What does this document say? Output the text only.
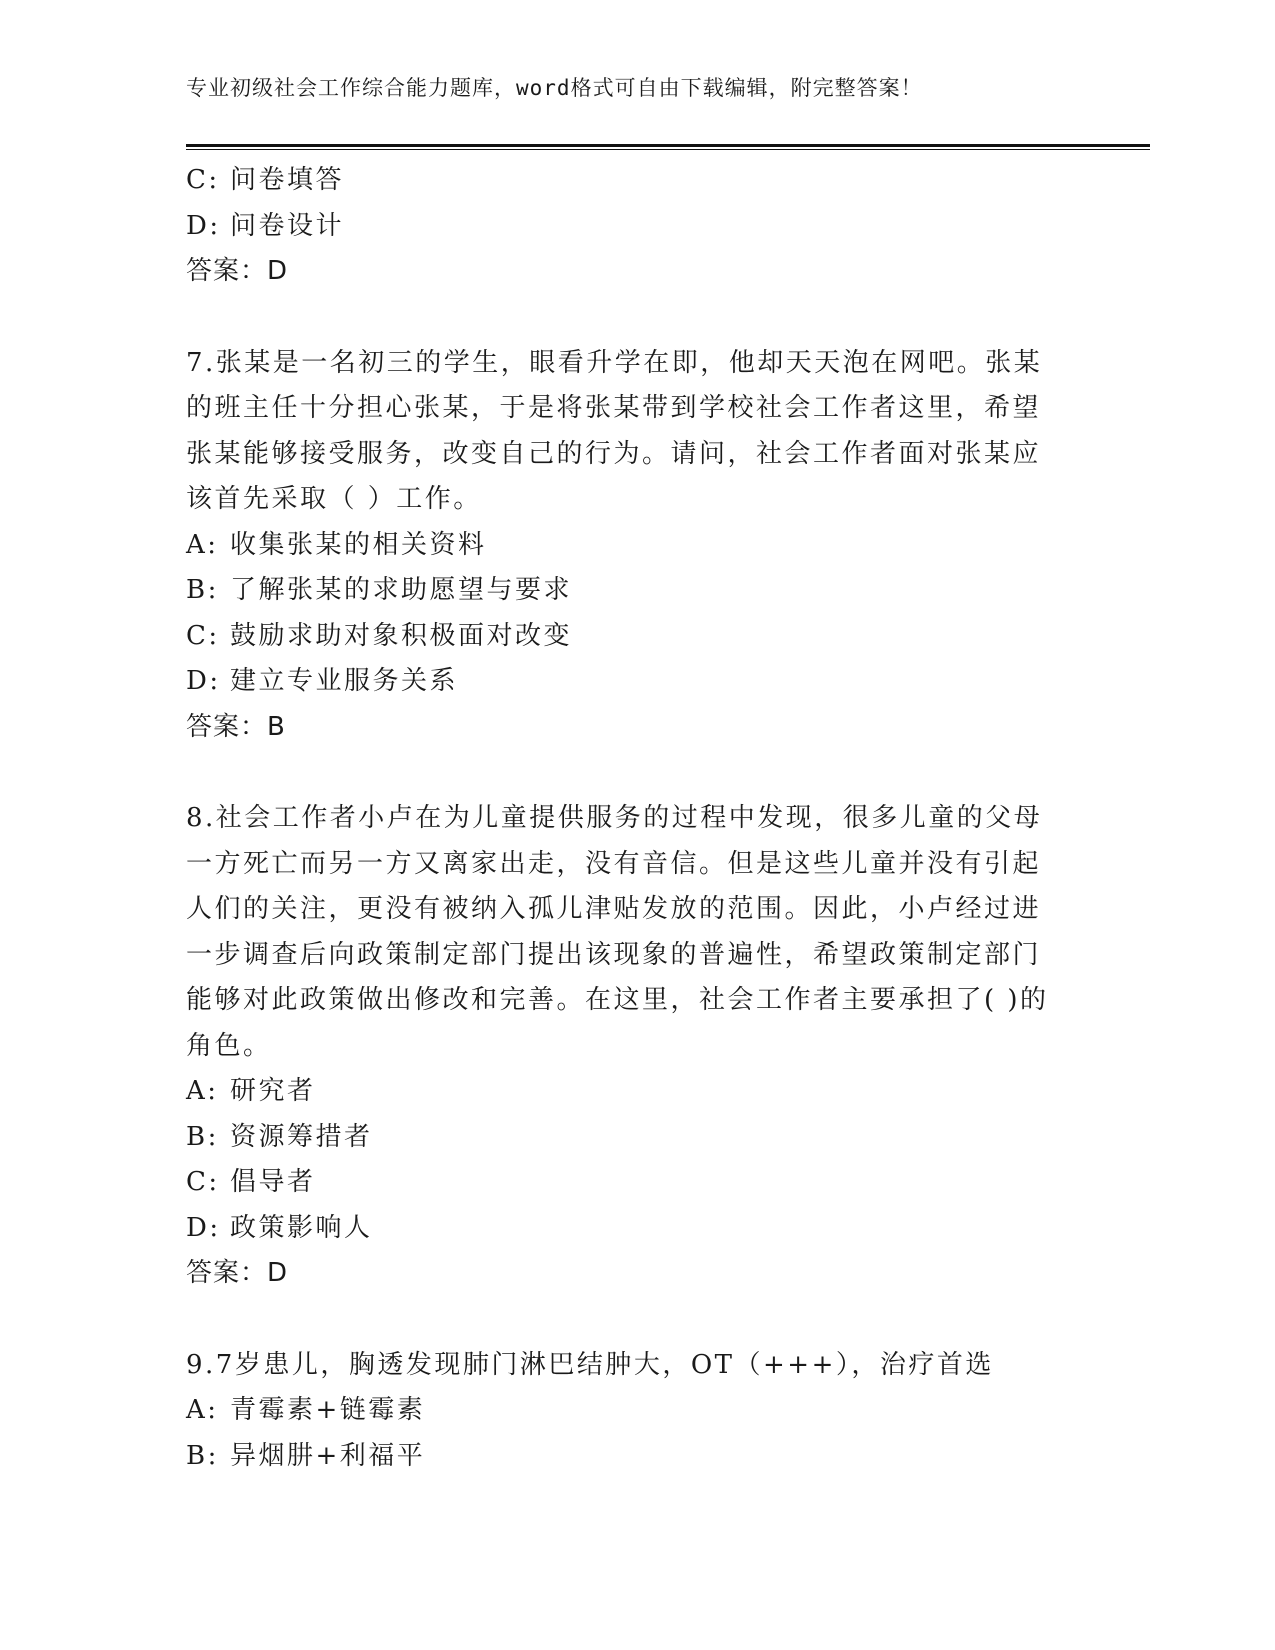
专业初级社会工作综合能力题库，word格式可自由下载编辑，附完整答案！
C: 问卷填答
D: 问卷设计
答案：D
7.张某是一名初三的学生，眼看升学在即，他却天天泡在网吧。张某
的班主任十分担心张某，于是将张某带到学校社会工作者这里，希望
张某能够接受服务，改变自己的行为。请问，社会工作者面对张某应
该首先采取（ ）工作。
A: 收集张某的相关资料
B: 了解张某的求助愿望与要求
C: 鼓励求助对象积极面对改变
D: 建立专业服务关系
答案：B
8.社会工作者小卢在为儿童提供服务的过程中发现，很多儿童的父母
一方死亡而另一方又离家出走，没有音信。但是这些儿童并没有引起
人们的关注，更没有被纳入孤儿津贴发放的范围。因此，小卢经过进
一步调查后向政策制定部门提出该现象的普遍性，希望政策制定部门
能够对此政策做出修改和完善。在这里，社会工作者主要承担了( )的
角色。
A: 研究者
B: 资源筹措者
C: 倡导者
D: 政策影响人
答案：D
9.7岁患儿，胸透发现肺门淋巴结肿大，OT（+++），治疗首选
A: 青霉素+链霉素
B: 异烟肼+利福平
